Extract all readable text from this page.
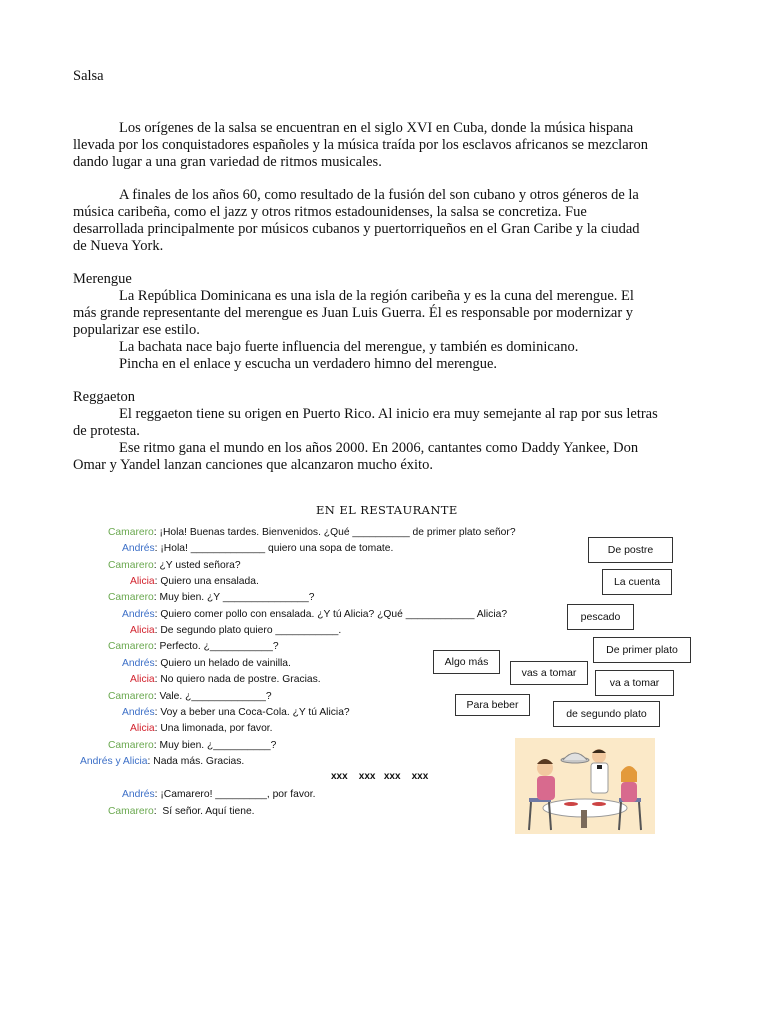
Salsa
Los orígenes de la salsa se encuentran en el siglo XVI en Cuba, donde la música hispana
llevada por los conquistadores españoles y la música traída por los esclavos africanos se mezclaron
dando lugar a una gran variedad de ritmos musicales.
A finales de los años 60, como resultado de la fusión del son cubano y otros géneros de la
música caribeña, como el jazz y otros ritmos estadounidenses, la salsa se concretiza. Fue
desarrollada principalmente por músicos cubanos y puertorriqueños en el Gran Caribe y la ciudad
de Nueva York.
Merengue
La República Dominicana es una isla de la región caribeña y es la cuna del merengue. El
más grande representante del merengue es Juan Luis Guerra. Él es responsable por modernizar y
popularizar ese estilo.
La bachata nace bajo fuerte influencia del merengue, y también es dominicano.
Pincha en el enlace y escucha un verdadero himno del merengue.
Reggaeton
El reggaeton tiene su origen en Puerto Rico. Al inicio era muy semejante al rap por sus letras
de protesta.
Ese ritmo gana el mundo en los años 2000. En 2006, cantantes como Daddy Yankee, Don
Omar y Yandel lanzan canciones que alcanzaron mucho éxito.
EN EL RESTAURANTE
Camarero: ¡Hola! Buenas tardes. Bienvenidos. ¿Qué __________ de primer plato señor?
Andrés: ¡Hola! _____________ quiero una sopa de tomate.
Camarero: ¿Y usted señora?
Alicia: Quiero una ensalada.
Camarero: Muy bien. ¿Y _______________?
Andrés: Quiero comer pollo con ensalada. ¿Y tú Alicia? ¿Qué ____________ Alicia?
Alicia: De segundo plato quiero ___________.
Camarero: Perfecto. ¿___________?
Andrés: Quiero un helado de vainilla.
Alicia: No quiero nada de postre. Gracias.
Camarero: Vale. ¿_____________?
Andrés: Voy a beber una Coca-Cola. ¿Y tú Alicia?
Alicia: Una limonada, por favor.
Camarero: Muy bien. ¿__________?
Andrés y Alicia: Nada más. Gracias.
xxx    xxx   xxx    xxx
Andrés: ¡Camarero! _________, por favor.
Camarero:  Sí señor. Aquí tiene.
De postre
La cuenta
pescado
De primer plato
Algo más
vas a tomar
va a tomar
Para beber
de segundo plato
